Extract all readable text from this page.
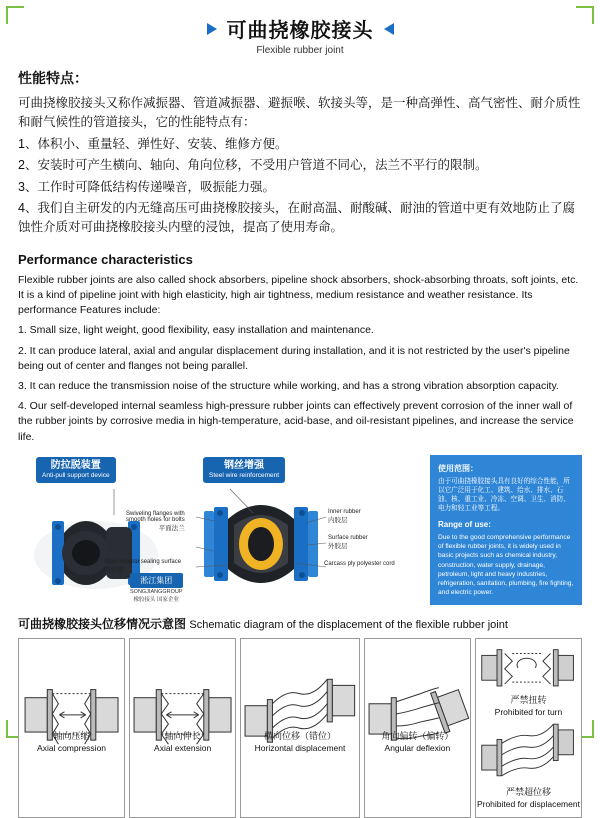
可曲挠橡胶接头
Flexible rubber joint
性能特点：

可曲挠橡胶接头又称作减振器、管道减振器、避振喉、软接头等，是一种高弹性、高气密性、耐介质性和耐气候性的管道接头，它的性能特点有：

1、体积小、重量轻、弹性好、安装、维修方便。

2、安装时可产生横向、轴向、角向位移，不受用户管道不同心，法兰不平行的限制。

3、工作时可降低结构传递噪音，吸振能力强。

4、我们自主研发的内无缝高压可曲挠橡胶接头，在耐高温、耐酸碱、耐油的管道中更有效地防止了腐蚀性介质对可曲挠橡胶接头内壁的浸蚀，提高了使用寿命。

Performance characteristics

Flexible rubber joints are also called shock absorbers, pipeline shock absorbers, shock-absorbing throats, soft joints, etc. It is a kind of pipeline joint with high elasticity, high air tightness, medium resistance and weather resistance. Its performance Features include:

1. Small size, light weight, good flexibility, easy installation and maintenance.

2. It can produce lateral, axial and angular displacement during installation, and it is not restricted by the user's pipeline being out of center and flanges not being parallel.

3. It can reduce the transmission noise of the structure while working, and has a strong vibration absorption capacity.

4. Our self-developed internal seamless high-pressure rubber joints can effectively prevent corrosion of the inner wall of the rubber joints by corrosive media in high-temperature, acid-base, and oil-resistant pipelines, and increase the service life.

防拉脱装置
Anti-pull support device
钢丝增强
Steel wire reinforcement
Swiveling flanges with
smooth holes for bolts

平面法兰
Steel integral sealing surface

钢丝圈
Inner rubber

内胶层
Surface rubber

外胶层
Carcass ply polyester cord

淞江集团
SONGJIANGGROUP
橡胶接头 国家企业
使用范围：

由于可曲挠橡胶接头具有良好的综合性能，所以它广泛用于化工、建筑、给水、排水、石油、核、重工业、冷冻、空调、卫生、消防、电力和轻工业等工程。

Range of use:

Due to the good comprehensive performance of flexible rubber joints, it is widely used in basic projects such as chemical industry, construction, water supply, drainage, petroleum, light and heavy industries, refrigeration, sanitation, plumbing, fire fighting, and electric power.

可曲挠橡胶接头位移情况示意图 Schematic diagram of the displacement of the flexible rubber joint
轴向压缩
Axial compression
轴向伸长
Axial extension
横向位移（错位）
Horizontal displacement
角向偏转（偏转）
Angular deflexion
严禁扭转
Prohibited for turn
严禁超位移
Prohibited for displacement
